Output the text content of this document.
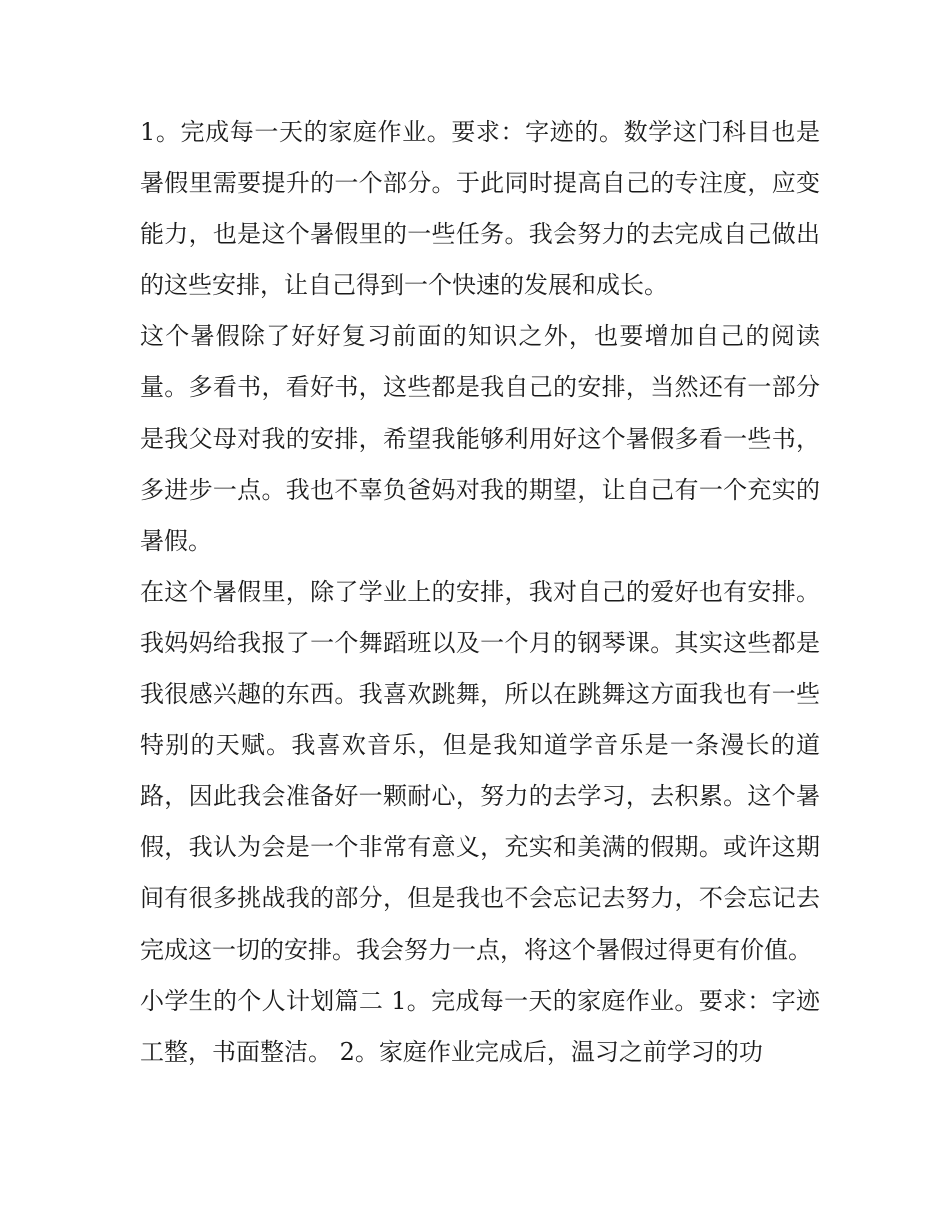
1。完成每一天的家庭作业。要求：字迹的。数学这门科目也是暑假里需要提升的一个部分。于此同时提高自己的专注度，应变能力，也是这个暑假里的一些任务。我会努力的去完成自己做出的这些安排，让自己得到一个快速的发展和成长。

这个暑假除了好好复习前面的知识之外，也要增加自己的阅读量。多看书，看好书，这些都是我自己的安排，当然还有一部分是我父母对我的安排，希望我能够利用好这个暑假多看一些书，多进步一点。我也不辜负爸妈对我的期望，让自己有一个充实的暑假。

在这个暑假里，除了学业上的安排，我对自己的爱好也有安排。我妈妈给我报了一个舞蹈班以及一个月的钢琴课。其实这些都是我很感兴趣的东西。我喜欢跳舞，所以在跳舞这方面我也有一些特别的天赋。我喜欢音乐，但是我知道学音乐是一条漫长的道路，因此我会准备好一颗耐心，努力的去学习，去积累。这个暑假，我认为会是一个非常有意义，充实和美满的假期。或许这期间有很多挑战我的部分，但是我也不会忘记去努力，不会忘记去完成这一切的安排。我会努力一点，将这个暑假过得更有价值。

小学生的个人计划篇二 1。完成每一天的家庭作业。要求：字迹工整，书面整洁。 2。家庭作业完成后，温习之前学习的功
